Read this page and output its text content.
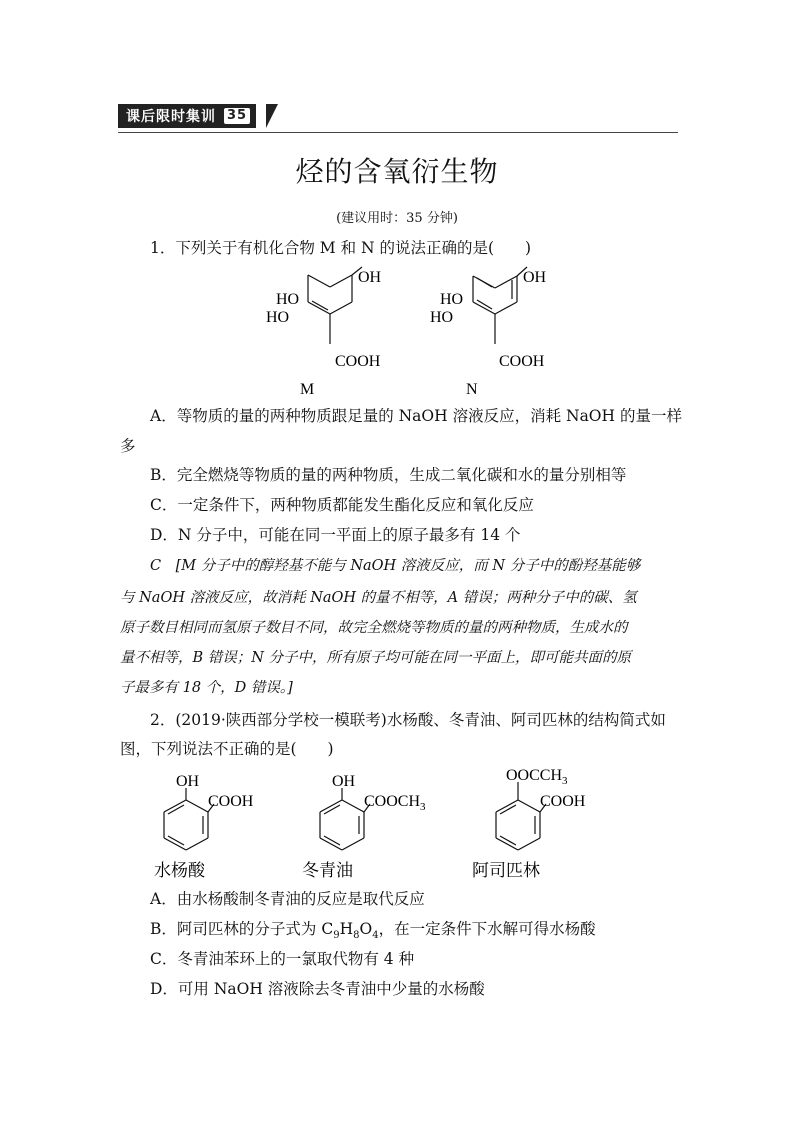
课后限时集训 35
烃的含氧衍生物
(建议用时：35 分钟)
1．下列关于有机化合物 M 和 N 的说法正确的是(　　)
OH
HO
HO
COOH
M
OH
HO
HO
COOH
N
A．等物质的量的两种物质跟足量的 NaOH 溶液反应，消耗 NaOH 的量一样
多
B．完全燃烧等物质的量的两种物质，生成二氧化碳和水的量分别相等
C．一定条件下，两种物质都能发生酯化反应和氧化反应
D．N 分子中，可能在同一平面上的原子最多有 14 个
C　[M 分子中的醇羟基不能与 NaOH 溶液反应，而 N 分子中的酚羟基能够
与 NaOH 溶液反应，故消耗 NaOH 的量不相等，A 错误；两种分子中的碳、氢
原子数目相同而氢原子数目不同，故完全燃烧等物质的量的两种物质，生成水的
量不相等，B 错误；N 分子中，所有原子均可能在同一平面上，即可能共面的原
子最多有 18 个，D 错误。]
2．(2019·陕西部分学校一模联考)水杨酸、冬青油、阿司匹林的结构简式如
图，下列说法不正确的是(　　)
OH
COOH
水杨酸
OH
$COOCH_3$
冬青油
$OOCCH_3$
COOH
阿司匹林
A．由水杨酸制冬青油的反应是取代反应
B．阿司匹林的分子式为 $C_9H_8O_4$，在一定条件下水解可得水杨酸
C．冬青油苯环上的一氯取代物有 4 种
D．可用 NaOH 溶液除去冬青油中少量的水杨酸
